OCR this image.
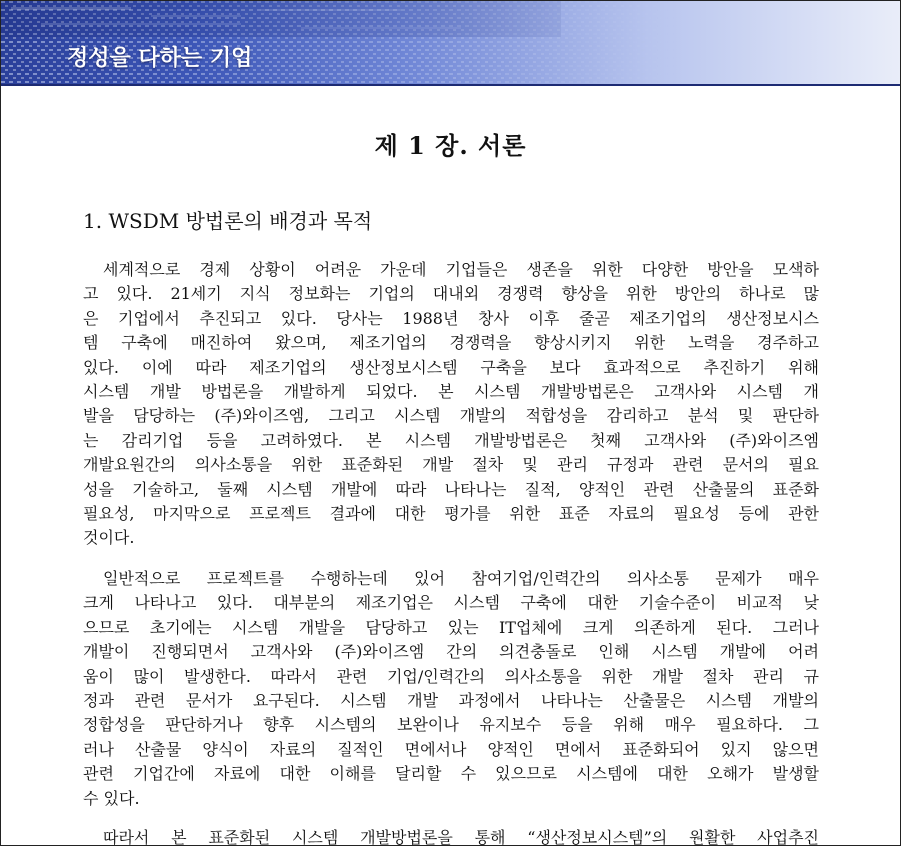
정성을 다하는 기업
제 1 장. 서론
1. WSDM 방법론의 배경과 목적
세계적으로 경제 상황이 어려운 가운데 기업들은 생존을 위한 다양한 방안을 모색하
고 있다. 21세기 지식 정보화는 기업의 대내외 경쟁력 향상을 위한 방안의 하나로 많
은 기업에서 추진되고 있다. 당사는 1988년 창사 이후 줄곧 제조기업의 생산정보시스
템 구축에 매진하여 왔으며, 제조기업의 경쟁력을 향상시키지 위한 노력을 경주하고
있다. 이에 따라 제조기업의 생산정보시스템 구축을 보다 효과적으로 추진하기 위해
시스템 개발 방법론을 개발하게 되었다. 본 시스템 개발방법론은 고객사와 시스템 개
발을 담당하는 (주)와이즈엠, 그리고 시스템 개발의 적합성을 감리하고 분석 및 판단하
는 감리기업 등을 고려하였다. 본 시스템 개발방법론은 첫째 고객사와 (주)와이즈엠
개발요원간의 의사소통을 위한 표준화된 개발 절차 및 관리 규정과 관련 문서의 필요
성을 기술하고, 둘째 시스템 개발에 따라 나타나는 질적, 양적인 관련 산출물의 표준화
필요성, 마지막으로 프로젝트 결과에 대한 평가를 위한 표준 자료의 필요성 등에 관한
것이다.
일반적으로 프로젝트를 수행하는데 있어 참여기업/인력간의 의사소통 문제가 매우
크게 나타나고 있다. 대부분의 제조기업은 시스템 구축에 대한 기술수준이 비교적 낮
으므로 초기에는 시스템 개발을 담당하고 있는 IT업체에 크게 의존하게 된다. 그러나
개발이 진행되면서 고객사와 (주)와이즈엠 간의 의견충돌로 인해 시스템 개발에 어려
움이 많이 발생한다. 따라서 관련 기업/인력간의 의사소통을 위한 개발 절차 관리 규
정과 관련 문서가 요구된다. 시스템 개발 과정에서 나타나는 산출물은 시스템 개발의
정합성을 판단하거나 향후 시스템의 보완이나 유지보수 등을 위해 매우 필요하다. 그
러나 산출물 양식이 자료의 질적인 면에서나 양적인 면에서 표준화되어 있지 않으면
관련 기업간에 자료에 대한 이해를 달리할 수 있으므로 시스템에 대한 오해가 발생할
수 있다.
따라서 본 표준화된 시스템 개발방법론을 통해 “생산정보시스템”의 원활한 사업추진
